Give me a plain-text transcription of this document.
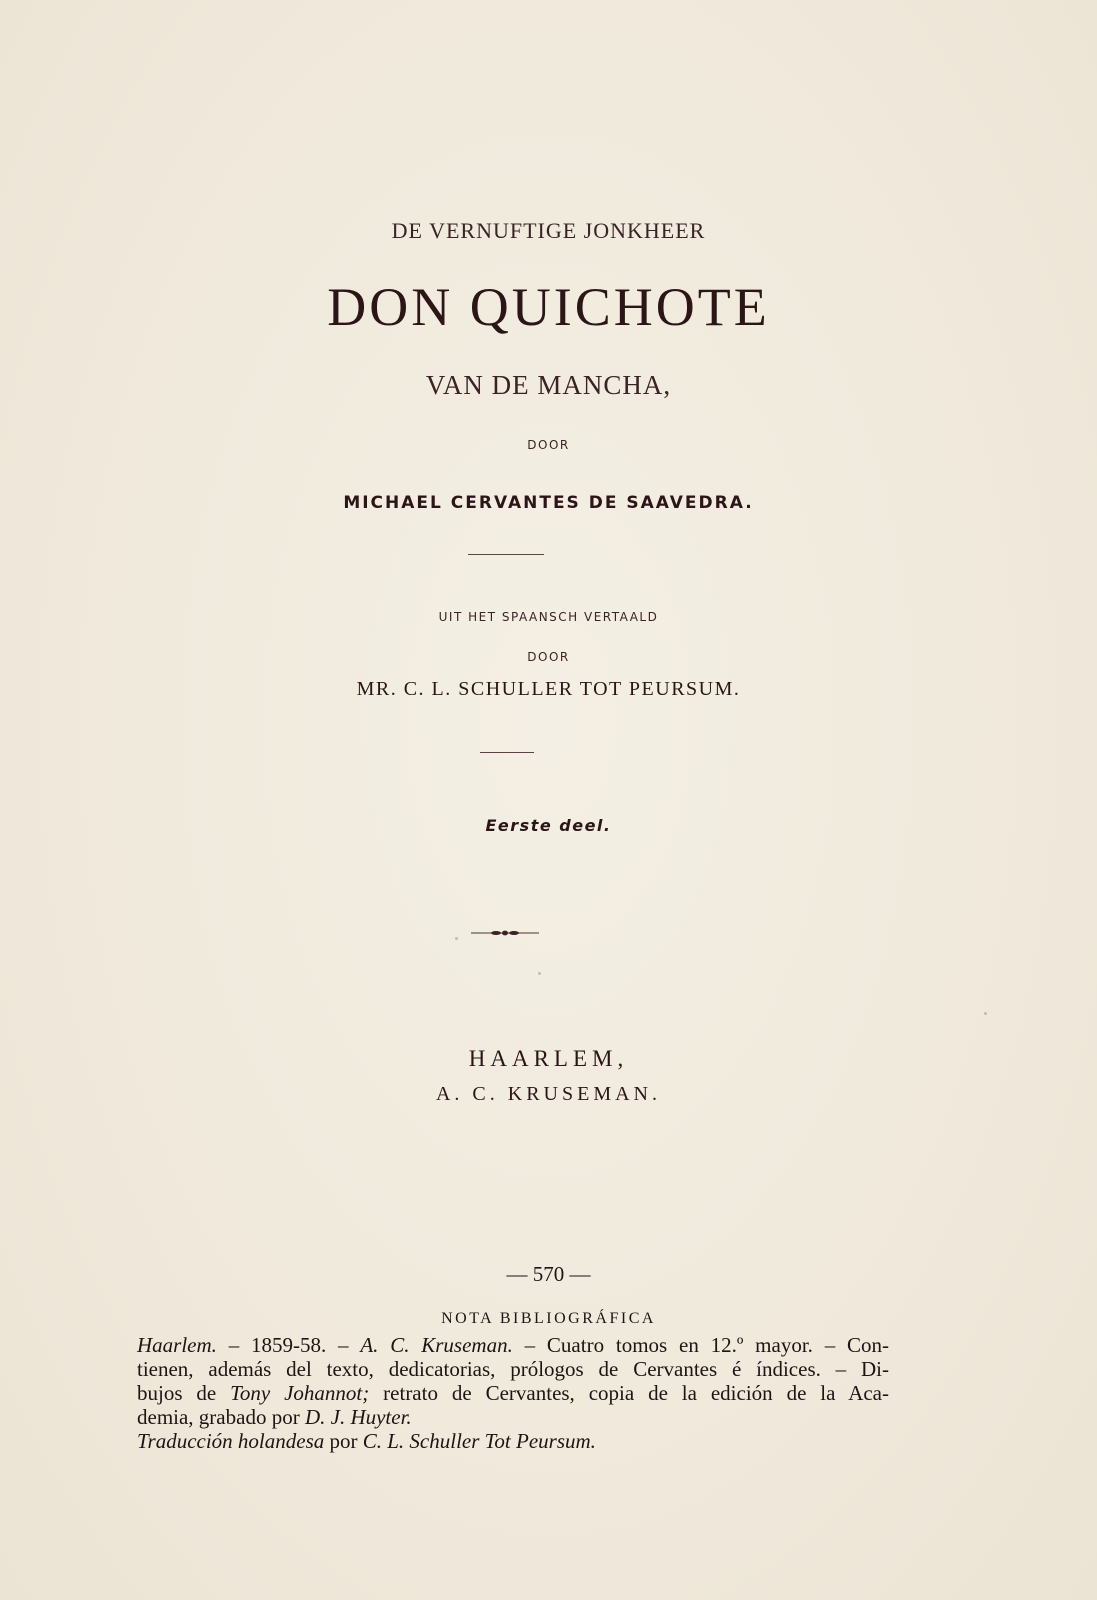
DE VERNUFTIGE JONKHEER
DON QUICHOTE
VAN DE MANCHA,
DOOR
MICHAEL CERVANTES DE SAAVEDRA.
UIT HET SPAANSCH VERTAALD
DOOR
MR. C. L. SCHULLER TOT PEURSUM.
Eerste deel.
HAARLEM,
A. C. KRUSEMAN.
— 570 —
NOTA BIBLIOGRÁFICA

Haarlem. – 1859-58. – A. C. Kruseman. – Cuatro tomos en 12.º mayor. – Con-
tienen, además del texto, dedicatorias, prólogos de Cervantes é índices. – Di-
bujos de Tony Johannot; retrato de Cervantes, copia de la edición de la Aca-
demia, grabado por D. J. Huyter.
Traducción holandesa por C. L. Schuller Tot Peursum.
